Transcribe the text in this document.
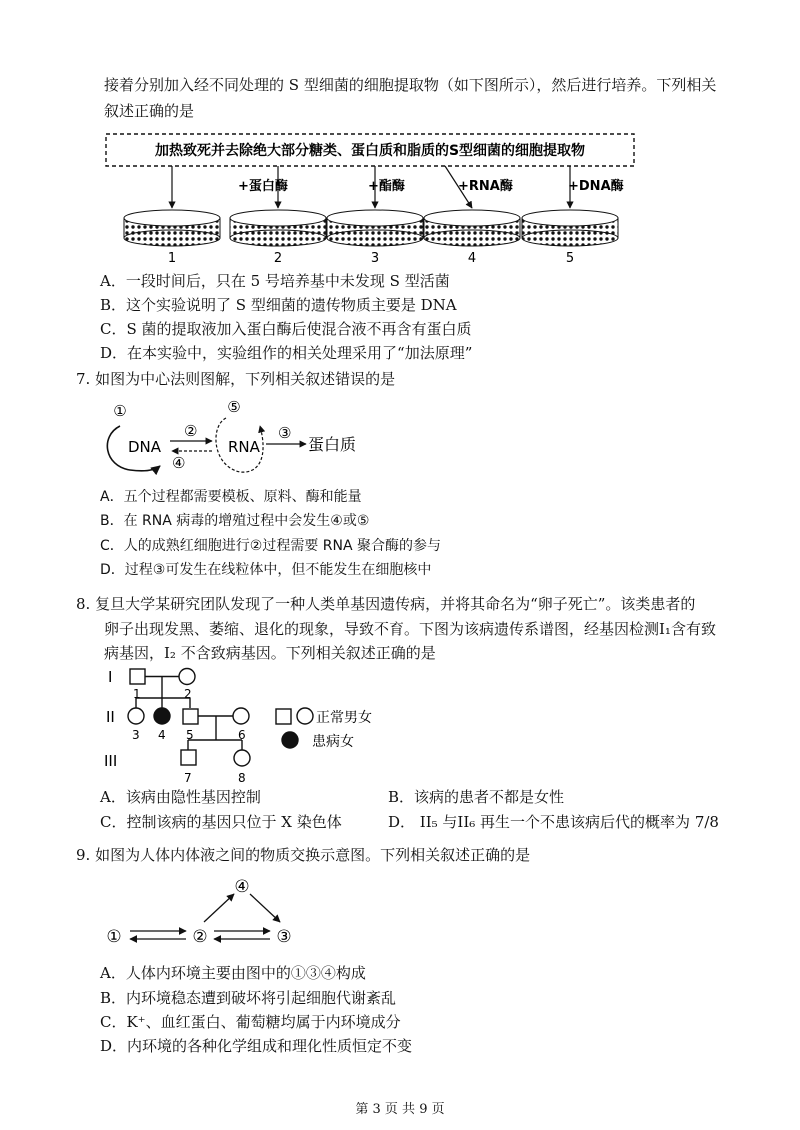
接着分别加入经不同处理的 S 型细菌的细胞提取物（如下图所示），然后进行培养。下列相关
叙述正确的是
加热致死并去除绝大部分糖类、蛋白质和脂质的S型细菌的细胞提取物
+蛋白酶	+酯酶	+RNA酶	+DNA酶
1	2	3	4	5
A．一段时间后，只在 5 号培养基中未发现 S 型活菌
B．这个实验说明了 S 型细菌的遗传物质主要是 DNA
C．S 菌的提取液加入蛋白酶后使混合液不再含有蛋白质
D．在本实验中，实验组作的相关处理采用了“加法原理”
7. 如图为中心法则图解，下列相关叙述错误的是
①
DNA
②
④
⑤
RNA
③
蛋白质
A．五个过程都需要模板、原料、酶和能量
B．在 RNA 病毒的增殖过程中会发生④或⑤
C．人的成熟红细胞进行②过程需要 RNA 聚合酶的参与
D．过程③可发生在线粒体中，但不能发生在细胞核中
8. 复旦大学某研究团队发现了一种人类单基因遗传病，并将其命名为“卵子死亡”。该类患者的
卵子出现发黑、萎缩、退化的现象，导致不育。下图为该病遗传系谱图，经基因检测I₁含有致
病基因，I₂ 不含致病基因。下列相关叙述正确的是
I
II
III
1	2
3 4 5	6
7	8
正常男女
患病女
A．该病由隐性基因控制	B．该病的患者不都是女性
C．控制该病的基因只位于 X 染色体	D． II₅ 与II₆ 再生一个不患该病后代的概率为 7/8
9. 如图为人体内体液之间的物质交换示意图。下列相关叙述正确的是
④
①	②	③
A．人体内环境主要由图中的①③④构成
B．内环境稳态遭到破坏将引起细胞代谢紊乱
C．K⁺、血红蛋白、葡萄糖均属于内环境成分
D．内环境的各种化学组成和理化性质恒定不变
第 3 页 共 9 页
